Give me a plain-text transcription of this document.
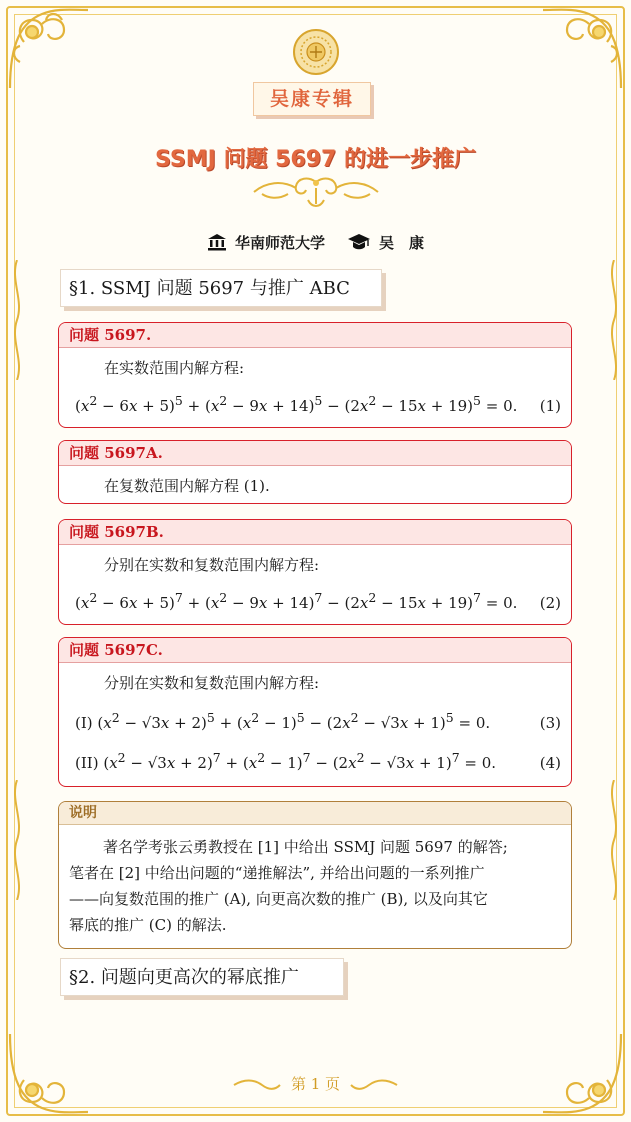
吴康专辑
SSMJ 问题 5697 的进一步推广
华南师范大学	吴　康
§1. SSMJ 问题 5697 与推广 ABC
问题 5697.
在实数范围内解方程:
$(x^2 - 6x + 5)^5 + (x^2 - 9x + 14)^5 - (2x^2 - 15x + 19)^5 = 0$. (1)
问题 5697A.
在复数范围内解方程 (1).
问题 5697B.
分别在实数和复数范围内解方程:
$(x^2 - 6x + 5)^7 + (x^2 - 9x + 14)^7 - (2x^2 - 15x + 19)^7 = 0$. (2)
问题 5697C.
分别在实数和复数范围内解方程:
(I) $(x^2 - √3x + 2)^5 + (x^2 - 1)^5 - (2x^2 - √3x + 1)^5 = 0$.	(3)
(II) $(x^2 - √3x + 2)^7 + (x^2 - 1)^7 - (2x^2 - √3x + 1)^7 = 0$.	(4)
说明
著名学考张云勇教授在 [1] 中给出 SSMJ 问题 5697 的解答;
笔者在 [2] 中给出问题的“递推解法”, 并给出问题的一系列推广
——向复数范围的推广 (A), 向更高次数的推广 (B), 以及向其它
幂底的推广 (C) 的解法.
§2. 问题向更高次的幂底推广
第 1 页
